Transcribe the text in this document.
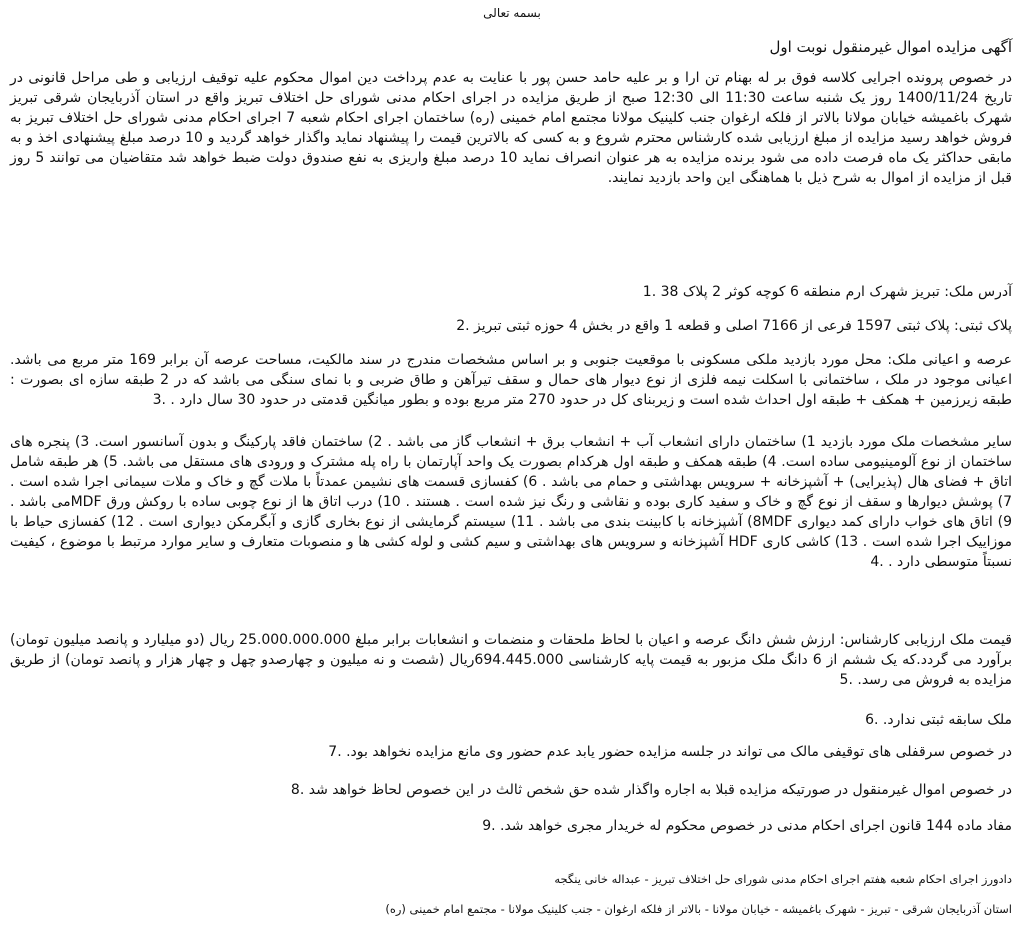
بسمه تعالی
آگهی مزایده اموال غیرمنقول نوبت اول

در خصوص پرونده اجرایی کلاسه فوق بر له بهنام تن ارا و بر علیه حامد حسن پور با عنایت به عدم پرداخت دین اموال محکوم علیه توقیف ارزیابی و طی مراحل قانونی در تاریخ 1400/11/24 روز یک شنبه ساعت 11:30 الی 12:30 صبح از طریق مزایده در اجرای احکام مدنی شورای حل اختلاف تبریز واقع در استان آذربایجان شرقی تبریز شهرک باغمیشه خیابان مولانا بالاتر از فلکه ارغوان جنب کلینیک مولانا مجتمع امام خمینی (ره) ساختمان اجرای احکام شعبه 7 اجرای احکام مدنی شورای حل اختلاف تبریز به فروش خواهد رسید مزایده از مبلغ ارزیابی شده کارشناس محترم شروع و به کسی که بالاترین قیمت را پیشنهاد نماید واگذار خواهد گردید و 10 درصد مبلغ پیشنهادی اخذ و به مابقی حداکثر یک ماه فرصت داده می شود برنده مزایده به هر عنوان انصراف نماید 10 درصد مبلغ واریزی به نفع صندوق دولت ضبط خواهد شد متقاضیان می توانند 5 روز قبل از مزایده از اموال به شرح ذیل با هماهنگی این واحد بازدید نمایند.

آدرس ملک: تبریز شهرک ارم منطقه 6 کوچه کوثر 2 پلاک 38 .1

پلاک ثبتی: پلاک ثبتی 1597 فرعی از 7166 اصلی و قطعه 1 واقع در بخش 4 حوزه ثبتی تبریز .2

عرصه و اعیانی ملک: محل مورد بازدید ملکی مسکونی با موقعیت جنوبی و بر اساس مشخصات مندرج در سند مالکیت، مساحت عرصه آن برابر 169 متر مربع می باشد. اعیانی موجود در ملک ، ساختمانی با اسکلت نیمه فلزی از نوع دیوار های حمال و سقف تیرآهن و طاق ضربی و با نمای سنگی می باشد که در 2 طبقه سازه ای بصورت : طبقه زیرزمین + همکف + طبقه اول احداث شده است و زیربنای کل در حدود 270 متر مربع بوده و بطور میانگین قدمتی در حدود 30 سال دارد . .3

سایر مشخصات ملک مورد بازدید 1) ساختمان دارای انشعاب آب + انشعاب برق + انشعاب گاز می باشد . 2) ساختمان فاقد پارکینگ و بدون آسانسور است. 3) پنجره های ساختمان از نوع آلومینیومی ساده است. 4) طبقه همکف و طبقه اول هرکدام بصورت یک واحد آپارتمان با راه پله مشترک و ورودی های مستقل می باشد. 5) هر طبقه شامل اتاق + فضای هال (پذیرایی) + آشپزخانه + سرویس بهداشتی و حمام می باشد . 6) کفسازی قسمت های نشیمن عمدتاً با ملات گچ و خاک و ملات سیمانی اجرا شده است . 7) پوشش دیوارها و سقف از نوع گچ و خاک و سفید کاری بوده و نقاشی و رنگ نیز شده است . هستند . 10) درب اتاق ها از نوع چوبی ساده با روکش ورق MDFمی باشد . 9) اتاق های خواب دارای کمد دیواری 8MDF) آشپزخانه با کابینت بندی می باشد . 11) سیستم گرمایشی از نوع بخاری گازی و آبگرمکن دیواری است . 12) کفسازی حیاط با موزاییک اجرا شده است . 13) کاشی کاری HDF آشپزخانه و سرویس های بهداشتی و سیم کشی و لوله کشی ها و منصوبات متعارف و سایر موارد مرتبط با موضوع ، کیفیت نسبتاً متوسطی دارد . .4

قیمت ملک ارزیابی کارشناس: ارزش شش دانگ عرصه و اعیان با لحاظ ملحقات و منضمات و انشعابات برابر مبلغ 25.000.000.000 ریال (دو میلیارد و پانصد میلیون تومان) برآورد می گردد.که یک ششم از 6 دانگ ملک مزبور به قیمت پایه کارشناسی 694.445.000ریال (شصت و نه میلیون و چهارصدو چهل و چهار هزار و پانصد تومان) از طریق مزایده به فروش می رسد. .5

ملک سابقه ثبتی ندارد. .6

در خصوص سرقفلی های توقیفی مالک می تواند در جلسه مزایده حضور یابد عدم حضور وی مانع مزایده نخواهد بود. .7

در خصوص اموال غیرمنقول در صورتیکه مزایده قبلا به اجاره واگذار شده حق شخص ثالث در این خصوص لحاظ خواهد شد .8

مفاد ماده 144 قانون اجرای احکام مدنی در خصوص محکوم له خریدار مجری خواهد شد. .9

دادورز اجرای احکام شعبه هفتم اجرای احکام مدنی شورای حل اختلاف تبریز - عبداله خانی ینگجه

استان آذربایجان شرقی - تبریز - شهرک باغمیشه - خیابان مولانا - بالاتر از فلکه ارغوان - جنب کلینیک مولانا - مجتمع امام خمینی (ره)
